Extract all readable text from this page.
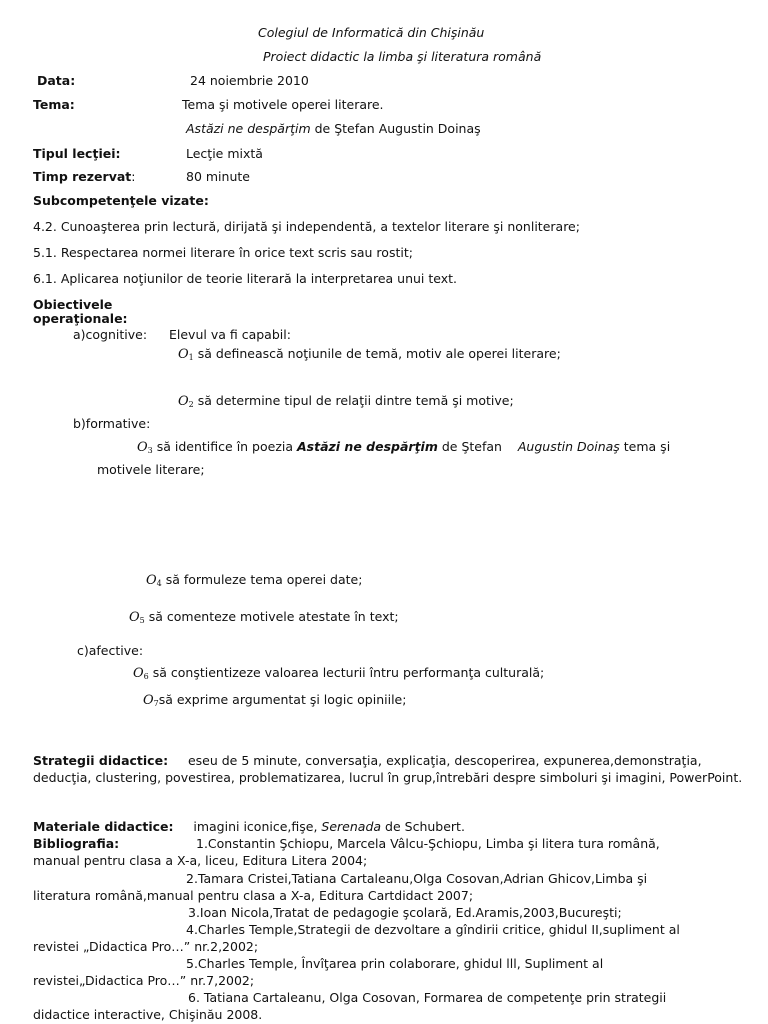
Colegiul de Informatică din Chişinău
Proiect didactic la limba şi literatura română
Data:	24 noiembrie 2010
Tema:	Tema şi motivele operei literare.
Astăzi ne despărţim de Ştefan Augustin Doinaş
Tipul lecţiei:	Lecţie mixtă
Timp rezervat:	80 minute
Subcompetenţele vizate:
4.2. Cunoaşterea prin lectură, dirijată şi independentă, a textelor literare şi nonliterare;
5.1. Respectarea normei literare în orice text scris sau rostit;
6.1. Aplicarea noţiunilor de teorie literară la interpretarea unui text.
Obiectivele
operaţionale:
a)cognitive: Elevul va fi capabil:
$O_1$ să definească noţiunile de temă, motiv ale operei literare;
$O_2$ să determine tipul de relaţii dintre temă şi motive;
b)formative:
$O_3$ să identifice în poezia Astăzi ne despărţim de Ştefan    Augustin Doinaş tema şi
motivele literare;
$O_4$ să formuleze tema operei date;
$O_5$ să comenteze motivele atestate în text;
c)afective:
$O_6$ să conştientizeze valoarea lecturii întru performanţa culturală;
$O_7să$ exprime argumentat şi logic opiniile;
Strategii didactice: esеu de 5 minute, conversaţia, explicaţia, descoperirea, expunerea,demonstraţia, deducţia, clustering, povestirea, problematizarea, lucrul în grup,întrebări despre simboluri şi imagini, PowerPoint.
Materiale didactice: imagini iconice,fişe, Serenada de Schubert.
Bibliografia:	1.Constantin Şchiopu, Marcela Vâlcu-Şchiopu, Limba şi litera tura română,
manual pentru clasa a X-a, liceu, Editura Litera 2004;
2.Tamara Cristei,Tatiana Cartaleanu,Olga Cosovan,Adrian Ghicov,Limba şi
literatura română,manual pentru clasa a X-a, Editura Cartdidact 2007;
3.Ioan Nicola,Tratat de pedagogie şcolară, Ed.Aramis,2003,Bucureşti;
4.Charles Temple,Strategii de dezvoltare a gîndirii critice, ghidul II,supliment al
revistei „Didactica Pro…” nr.2,2002;
5.Charles Temple, Învîţarea prin colaborare, ghidul lll, Supliment al
revistei„Didactica Pro…” nr.7,2002;
6. Tatiana Cartaleanu, Olga Cosovan, Formarea de competenţe prin strategii
didactice interactive, Chişinău 2008.
